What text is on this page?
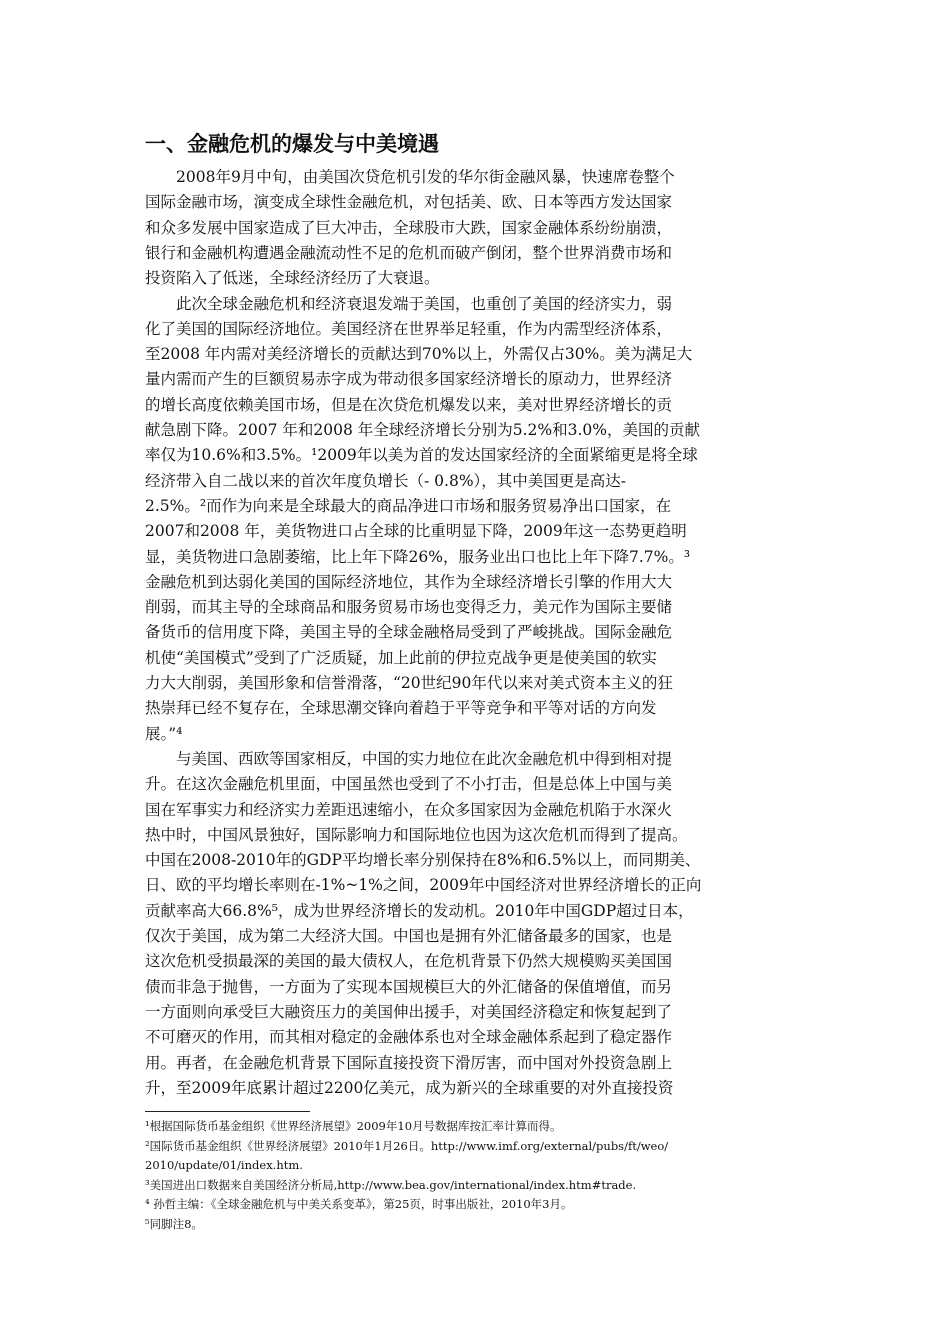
一、金融危机的爆发与中美境遇
　　2008年9月中旬，由美国次贷危机引发的华尔街金融风暴，快速席卷整个
国际金融市场，演变成全球性金融危机，对包括美、欧、日本等西方发达国家
和众多发展中国家造成了巨大冲击，全球股市大跌，国家金融体系纷纷崩溃，
银行和金融机构遭遇金融流动性不足的危机而破产倒闭，整个世界消费市场和
投资陷入了低迷，全球经济经历了大衰退。
　　此次全球金融危机和经济衰退发端于美国，也重创了美国的经济实力，弱
化了美国的国际经济地位。美国经济在世界举足轻重，作为内需型经济体系，
至2008 年内需对美经济增长的贡献达到70%以上，外需仅占30%。美为满足大
量内需而产生的巨额贸易赤字成为带动很多国家经济增长的原动力，世界经济
的增长高度依赖美国市场，但是在次贷危机爆发以来，美对世界经济增长的贡
献急剧下降。2007 年和2008 年全球经济增长分别为5.2%和3.0%，美国的贡献
率仅为10.6%和3.5%。¹2009年以美为首的发达国家经济的全面紧缩更是将全球
经济带入自二战以来的首次年度负增长（- 0.8%），其中美国更是高达-
2.5%。²而作为向来是全球最大的商品净进口市场和服务贸易净出口国家，在
2007和2008 年，美货物进口占全球的比重明显下降，2009年这一态势更趋明
显，美货物进口急剧萎缩，比上年下降26%，服务业出口也比上年下降7.7%。³
金融危机到达弱化美国的国际经济地位，其作为全球经济增长引擎的作用大大
削弱，而其主导的全球商品和服务贸易市场也变得乏力，美元作为国际主要储
备货币的信用度下降，美国主导的全球金融格局受到了严峻挑战。国际金融危
机使“美国模式”受到了广泛质疑，加上此前的伊拉克战争更是使美国的软实
力大大削弱，美国形象和信誉滑落，“20世纪90年代以来对美式资本主义的狂
热崇拜已经不复存在，全球思潮交锋向着趋于平等竞争和平等对话的方向发
展。”⁴
　　与美国、西欧等国家相反，中国的实力地位在此次金融危机中得到相对提
升。在这次金融危机里面，中国虽然也受到了不小打击，但是总体上中国与美
国在军事实力和经济实力差距迅速缩小，在众多国家因为金融危机陷于水深火
热中时，中国风景独好，国际影响力和国际地位也因为这次危机而得到了提高。
中国在2008-2010年的GDP平均增长率分别保持在8%和6.5%以上，而同期美、
日、欧的平均增长率则在-1%~1%之间，2009年中国经济对世界经济增长的正向
贡献率高大66.8%⁵，成为世界经济增长的发动机。2010年中国GDP超过日本，
仅次于美国，成为第二大经济大国。中国也是拥有外汇储备最多的国家，也是
这次危机受损最深的美国的最大债权人，在危机背景下仍然大规模购买美国国
债而非急于抛售，一方面为了实现本国规模巨大的外汇储备的保值增值，而另
一方面则向承受巨大融资压力的美国伸出援手，对美国经济稳定和恢复起到了
不可磨灭的作用，而其相对稳定的金融体系也对全球金融体系起到了稳定器作
用。再者，在金融危机背景下国际直接投资下滑厉害，而中国对外投资急剧上
升，至2009年底累计超过2200亿美元，成为新兴的全球重要的对外直接投资
¹根据国际货币基金组织《世界经济展望》2009年10月号数据库按汇率计算而得。
²国际货币基金组织《世界经济展望》2010年1月26日。http://www.imf.org/external/pubs/ft/weo/
2010/update/01/index.htm.
³美国进出口数据来自美国经济分析局,http://www.bea.gov/international/index.htm#trade.
⁴ 孙哲主编：《全球金融危机与中美关系变革》，第25页，时事出版社，2010年3月。
⁵同脚注8。
